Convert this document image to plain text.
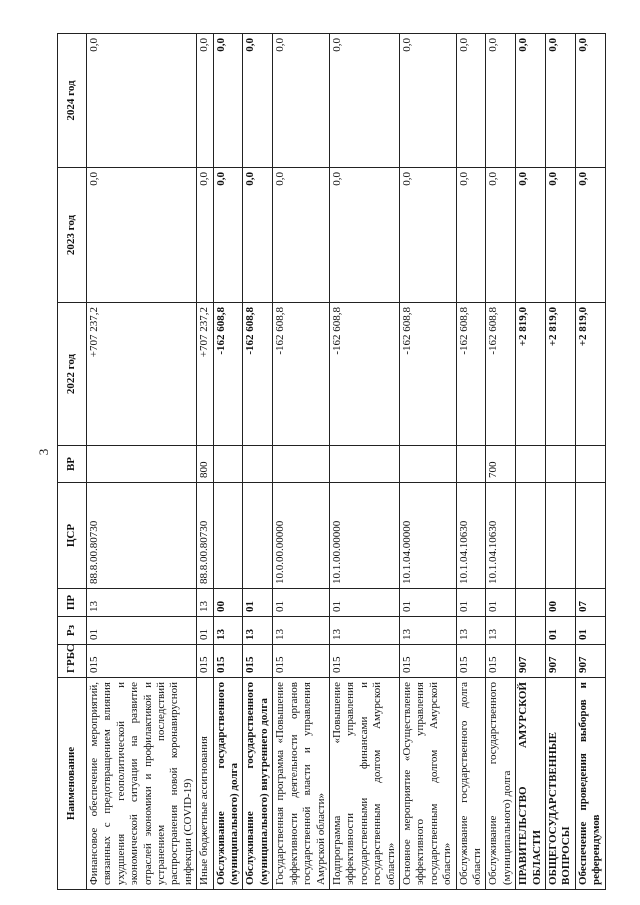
3
Наименование	ГРБС	Рз	ПР	ЦСР	ВР	2022 год	2023 год	2024 год
Финансовое обеспечение мероприятий, связанных с предотвращением влияния ухудшения геополитической и экономической ситуации на развитие отраслей экономики и профилактикой и устранением последствий распространения новой коронавирусной инфекции (COVID-19)	015	01	13	88.8.00.80730		+707 237,2	0,0	0,0
Иные бюджетные ассигнования	015	01	13	88.8.00.80730	800	+707 237,2	0,0	0,0
Обслуживание государственного (муниципального) долга	015	13	00			-162 608,8	0,0	0,0
Обслуживание государственного (муниципального) внутреннего долга	015	13	01			-162 608,8	0,0	0,0
Государственная программа «Повышение эффективности деятельности органов государственной власти и управления Амурской области»	015	13	01	10.0.00.00000		-162 608,8	0,0	0,0
Подпрограмма «Повышение эффективности управления государственными финансами и государственным долгом Амурской области»	015	13	01	10.1.00.00000		-162 608,8	0,0	0,0
Основное мероприятие «Осуществление эффективного управления государственным долгом Амурской области»	015	13	01	10.1.04.00000		-162 608,8	0,0	0,0
Обслуживание государственного долга области	015	13	01	10.1.04.10630		-162 608,8	0,0	0,0
Обслуживание государственного (муниципального) долга	015	13	01	10.1.04.10630	700	-162 608,8	0,0	0,0
ПРАВИТЕЛЬСТВО АМУРСКОЙ ОБЛАСТИ	907					+2 819,0	0,0	0,0
ОБЩЕГОСУДАРСТВЕННЫЕ ВОПРОСЫ	907	01	00			+2 819,0	0,0	0,0
Обеспечение проведения выборов и референдумов	907	01	07			+2 819,0	0,0	0,0
